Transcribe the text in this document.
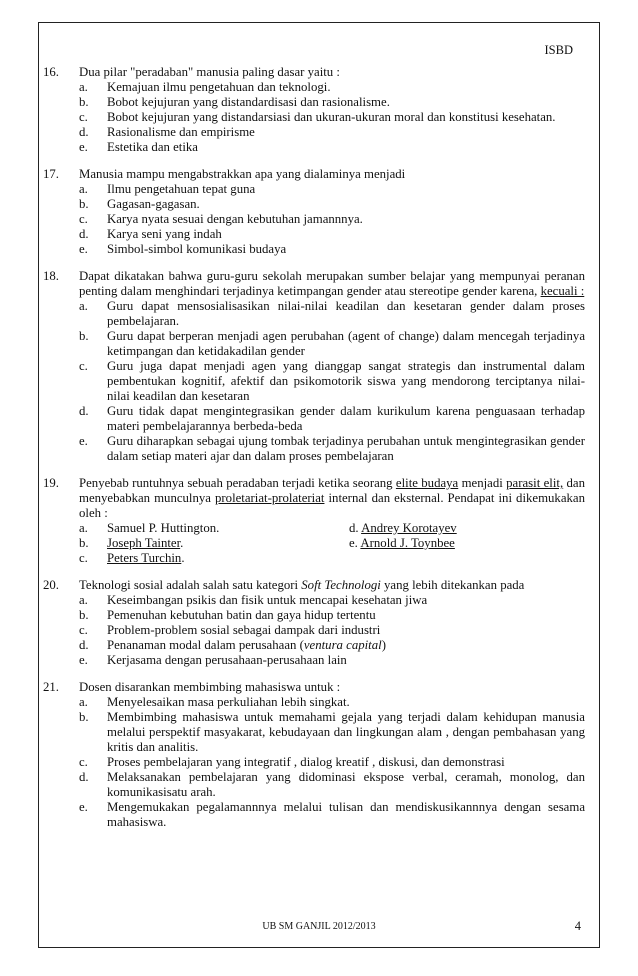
ISBD
16.	Dua pilar "peradaban" manusia paling dasar yaitu :
a. Kemajuan ilmu pengetahuan dan teknologi.
b. Bobot kejujuran yang distandardisasi dan rasionalisme.
c. Bobot kejujuran yang distandarsiasi dan ukuran-ukuran moral dan konstitusi kesehatan.
d. Rasionalisme dan empirisme
e. Estetika dan etika
17.	Manusia mampu mengabstrakkan apa yang dialaminya menjadi
a. Ilmu pengetahuan tepat guna
b. Gagasan-gagasan.
c. Karya nyata sesuai dengan kebutuhan jamannnya.
d. Karya seni yang indah
e. Simbol-simbol komunikasi budaya
18.	Dapat dikatakan bahwa guru-guru sekolah merupakan sumber belajar yang mempunyai peranan penting dalam menghindari terjadinya ketimpangan gender atau stereotipe gender karena, kecuali :
a. Guru dapat mensosialisasikan nilai-nilai keadilan dan kesetaran gender dalam proses pembelajaran.
b. Guru dapat berperan menjadi agen perubahan (agent of change) dalam mencegah terjadinya ketimpangan dan ketidakadilan gender
c. Guru juga dapat menjadi agen yang dianggap sangat strategis dan instrumental dalam pembentukan kognitif, afektif dan psikomotorik siswa yang mendorong terciptanya nilai-nilai keadilan dan kesetaran
d. Guru tidak dapat mengintegrasikan gender dalam kurikulum karena penguasaan terhadap materi pembelajarannya berbeda-beda
e. Guru diharapkan sebagai ujung tombak terjadinya perubahan untuk mengintegrasikan gender dalam setiap materi ajar dan dalam proses pembelajaran
19.	Penyebab runtuhnya sebuah peradaban terjadi ketika seorang elite budaya menjadi parasit elit, dan menyebabkan munculnya proletariat-prolateriat internal dan eksternal. Pendapat ini dikemukakan oleh :
a. Samuel P. Huttington.	d. Andrey Korotayev
b. Joseph Tainter.	e. Arnold J. Toynbee
c. Peters Turchin.
20.	Teknologi sosial adalah salah satu kategori Soft Technologi yang lebih ditekankan pada
a. Keseimbangan psikis dan fisik untuk mencapai kesehatan jiwa
b. Pemenuhan kebutuhan batin dan gaya hidup tertentu
c. Problem-problem sosial sebagai dampak dari industri
d. Penanaman modal dalam perusahaan (ventura capital)
e. Kerjasama dengan perusahaan-perusahaan lain
21.	Dosen disarankan membimbing mahasiswa untuk :
a. Menyelesaikan masa perkuliahan lebih singkat.
b. Membimbing mahasiswa untuk memahami gejala yang terjadi dalam kehidupan manusia melalui perspektif masyakarat, kebudayaan dan lingkungan alam , dengan pembahasan yang kritis dan analitis.
c. Proses pembelajaran yang integratif , dialog kreatif , diskusi, dan demonstrasi
d. Melaksanakan pembelajaran yang didominasi ekspose verbal, ceramah, monolog, dan komunikasisatu arah.
e. Mengemukakan pegalamannnya melalui tulisan dan mendiskusikannnya dengan sesama mahasiswa.
UB SM GANJIL 2012/2013	4
